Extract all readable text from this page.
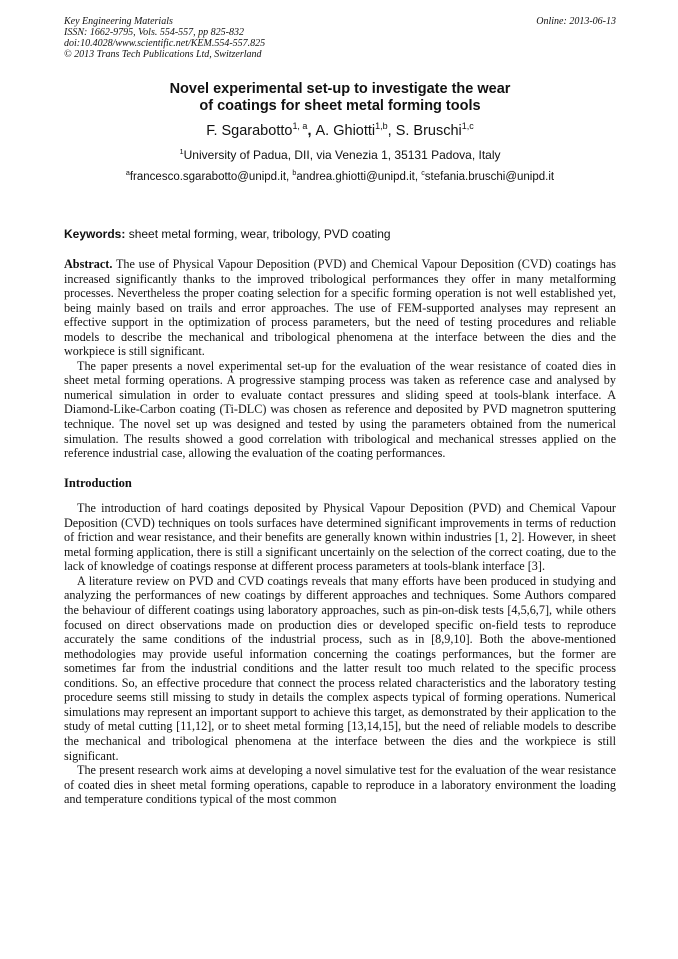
Key Engineering Materials
ISSN: 1662-9795, Vols. 554-557, pp 825-832
doi:10.4028/www.scientific.net/KEM.554-557.825
© 2013 Trans Tech Publications Ltd, Switzerland
Online: 2013-06-13
Novel experimental set-up to investigate the wear
of coatings for sheet metal forming tools
F. Sgarabotto$^{1, a}$, A. Ghiotti$^{1,b}$, S. Bruschi$^{1,c}$
$^1$University of Padua, DII, via Venezia 1, 35131 Padova, Italy
$^a$francesco.sgarabotto@unipd.it, $^b$andrea.ghiotti@unipd.it, $^c$stefania.bruschi@unipd.it
Keywords: sheet metal forming, wear, tribology, PVD coating

Abstract. The use of Physical Vapour Deposition (PVD) and Chemical Vapour Deposition (CVD) coatings has increased significantly thanks to the improved tribological performances they offer in many metalforming processes. Nevertheless the proper coating selection for a specific forming operation is not well established yet, being mainly based on trails and error approaches. The use of FEM-supported analyses may represent an effective support in the optimization of process parameters, but the need of testing procedures and reliable models to describe the mechanical and tribological phenomena at the interface between the dies and the workpiece is still significant.

The paper presents a novel experimental set-up for the evaluation of the wear resistance of coated dies in sheet metal forming operations. A progressive stamping process was taken as reference case and analysed by numerical simulation in order to evaluate contact pressures and sliding speed at tools-blank interface. A Diamond-Like-Carbon coating (Ti-DLC) was chosen as reference and deposited by PVD magnetron sputtering technique. The novel set up was designed and tested by using the parameters obtained from the numerical simulation. The results showed a good correlation with tribological and mechanical stresses applied on the reference industrial case, allowing the evaluation of the coating performances.

Introduction

The introduction of hard coatings deposited by Physical Vapour Deposition (PVD) and Chemical Vapour Deposition (CVD) techniques on tools surfaces have determined significant improvements in terms of reduction of friction and wear resistance, and their benefits are generally known within industries [1, 2]. However, in sheet metal forming application, there is still a significant uncertainly on the selection of the correct coating, due to the lack of knowledge of coatings response at different process parameters at tools-blank interface [3].

A literature review on PVD and CVD coatings reveals that many efforts have been produced in studying and analyzing the performances of new coatings by different approaches and techniques. Some Authors compared the behaviour of different coatings using laboratory approaches, such as pin-on-disk tests [4,5,6,7], while others focused on direct observations made on production dies or developed specific on-field tests to reproduce accurately the same conditions of the industrial process, such as in [8,9,10]. Both the above-mentioned methodologies may provide useful information concerning the coatings performances, but the former are sometimes far from the industrial conditions and the latter result too much related to the specific process conditions. So, an effective procedure that connect the process related characteristics and the laboratory testing procedure seems still missing to study in details the complex aspects typical of forming operations. Numerical simulations may represent an important support to achieve this target, as demonstrated by their application to the study of metal cutting [11,12], or to sheet metal forming [13,14,15], but the need of reliable models to describe the mechanical and tribological phenomena at the interface between the dies and the workpiece is still significant.

The present research work aims at developing a novel simulative test for the evaluation of the wear resistance of coated dies in sheet metal forming operations, capable to reproduce in a laboratory environment the loading and temperature conditions typical of the most common
